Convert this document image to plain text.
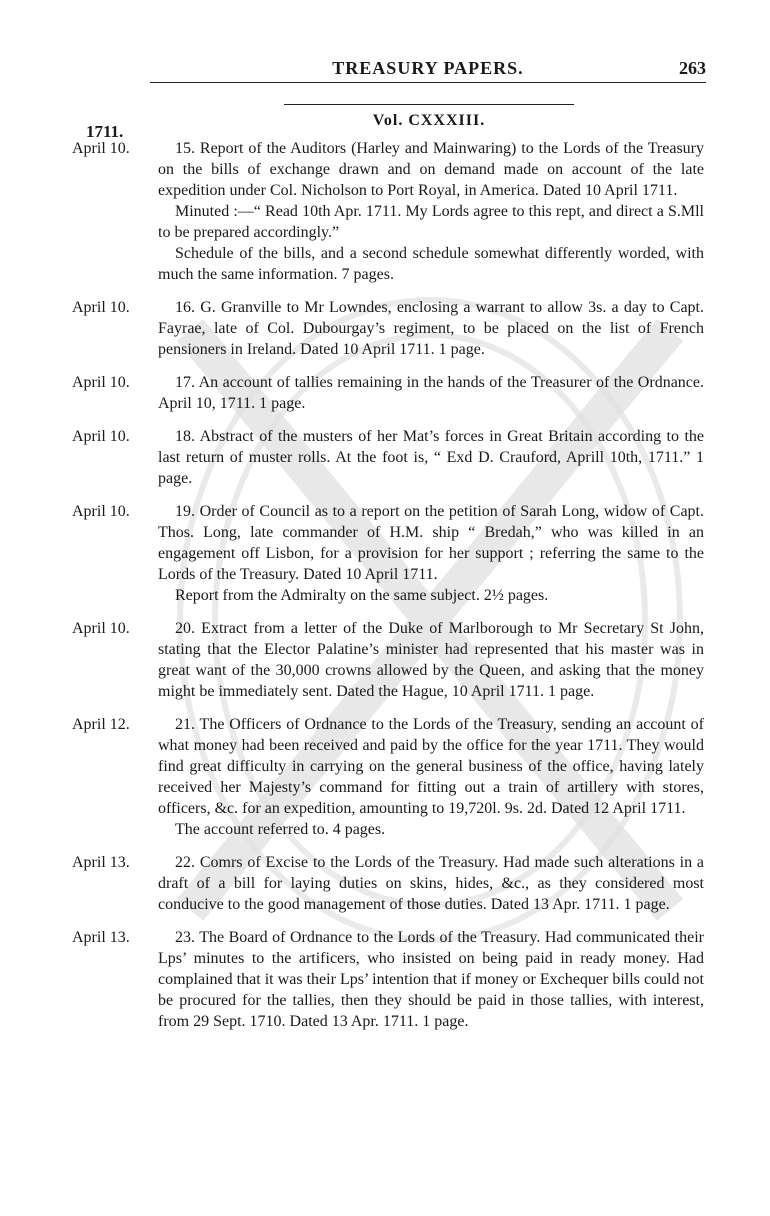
TREASURY PAPERS.	263
Vol. CXXXIII.
1711.
April 10.	15. Report of the Auditors (Harley and Mainwaring) to the Lords of the Treasury on the bills of exchange drawn and on demand made on account of the late expedition under Col. Nicholson to Port Royal, in America. Dated 10 April 1711.

Minuted :—“ Read 10th Apr. 1711. My Lords agree to this rept, and direct a S.Mll to be prepared accordingly.”

Schedule of the bills, and a second schedule somewhat differently worded, with much the same information. 7 pages.

April 10.	16. G. Granville to Mr Lowndes, enclosing a warrant to allow 3s. a day to Capt. Fayrae, late of Col. Dubourgay’s regiment, to be placed on the list of French pensioners in Ireland. Dated 10 April 1711. 1 page.

April 10.	17. An account of tallies remaining in the hands of the Treasurer of the Ordnance. April 10, 1711. 1 page.

April 10.	18. Abstract of the musters of her Mat’s forces in Great Britain according to the last return of muster rolls. At the foot is, “ Exd D. Crauford, Aprill 10th, 1711.” 1 page.

April 10.	19. Order of Council as to a report on the petition of Sarah Long, widow of Capt. Thos. Long, late commander of H.M. ship “ Bredah,” who was killed in an engagement off Lisbon, for a provision for her support ; referring the same to the Lords of the Treasury. Dated 10 April 1711.

Report from the Admiralty on the same subject. 2½ pages.

April 10.	20. Extract from a letter of the Duke of Marlborough to Mr Secretary St John, stating that the Elector Palatine’s minister had represented that his master was in great want of the 30,000 crowns allowed by the Queen, and asking that the money might be immediately sent. Dated the Hague, 10 April 1711. 1 page.

April 12.	21. The Officers of Ordnance to the Lords of the Treasury, sending an account of what money had been received and paid by the office for the year 1711. They would find great difficulty in carrying on the general business of the office, having lately received her Majesty’s command for fitting out a train of artillery with stores, officers, &c. for an expedition, amounting to 19,720l. 9s. 2d. Dated 12 April 1711.

The account referred to. 4 pages.

April 13.	22. Comrs of Excise to the Lords of the Treasury. Had made such alterations in a draft of a bill for laying duties on skins, hides, &c., as they considered most conducive to the good management of those duties. Dated 13 Apr. 1711. 1 page.

April 13.	23. The Board of Ordnance to the Lords of the Treasury. Had communicated their Lps’ minutes to the artificers, who insisted on being paid in ready money. Had complained that it was their Lps’ intention that if money or Exchequer bills could not be procured for the tallies, then they should be paid in those tallies, with interest, from 29 Sept. 1710. Dated 13 Apr. 1711. 1 page.
